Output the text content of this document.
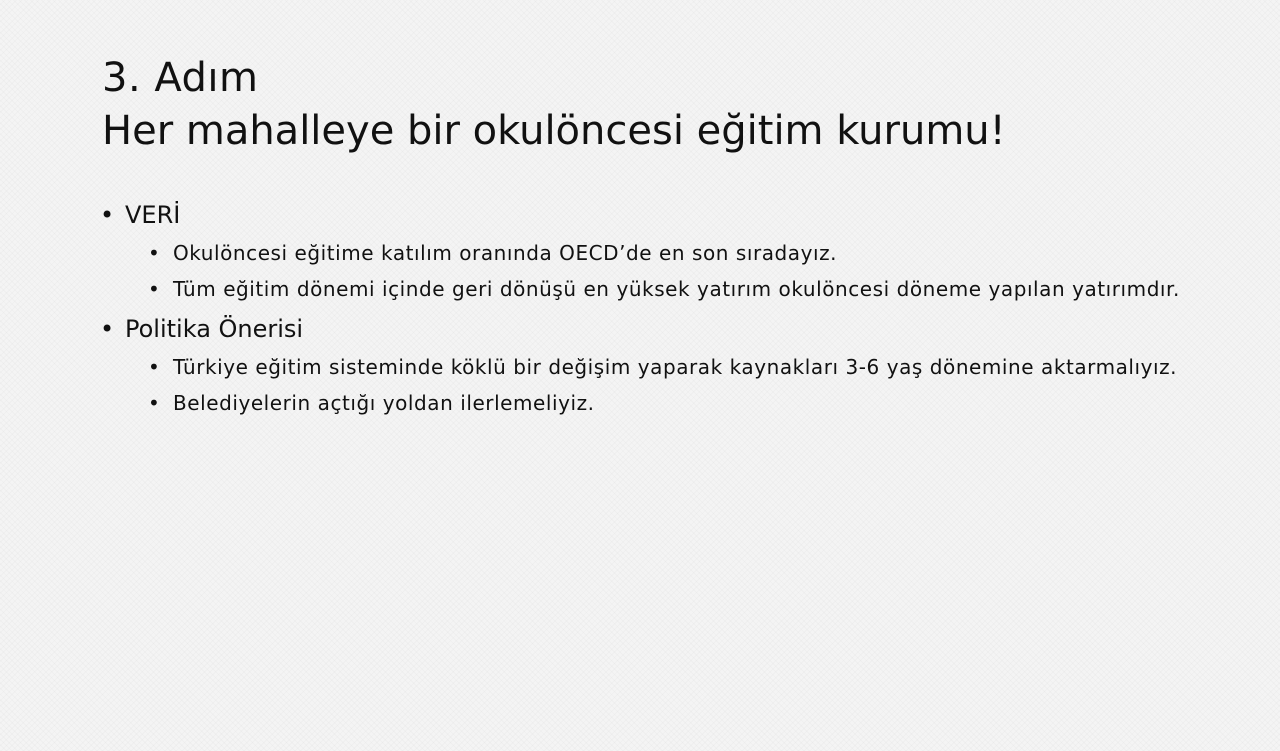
3. Adım
Her mahalleye bir okulöncesi eğitim kurumu!
• VERİ
• Okulöncesi eğitime katılım oranında OECD’de en son sıradayız.
• Tüm eğitim dönemi içinde geri dönüşü en yüksek yatırım okulöncesi döneme yapılan yatırımdır.
• Politika Önerisi
• Türkiye eğitim sisteminde köklü bir değişim yaparak kaynakları 3-6 yaş dönemine aktarmalıyız.
• Belediyelerin açtığı yoldan ilerlemeliyiz.
